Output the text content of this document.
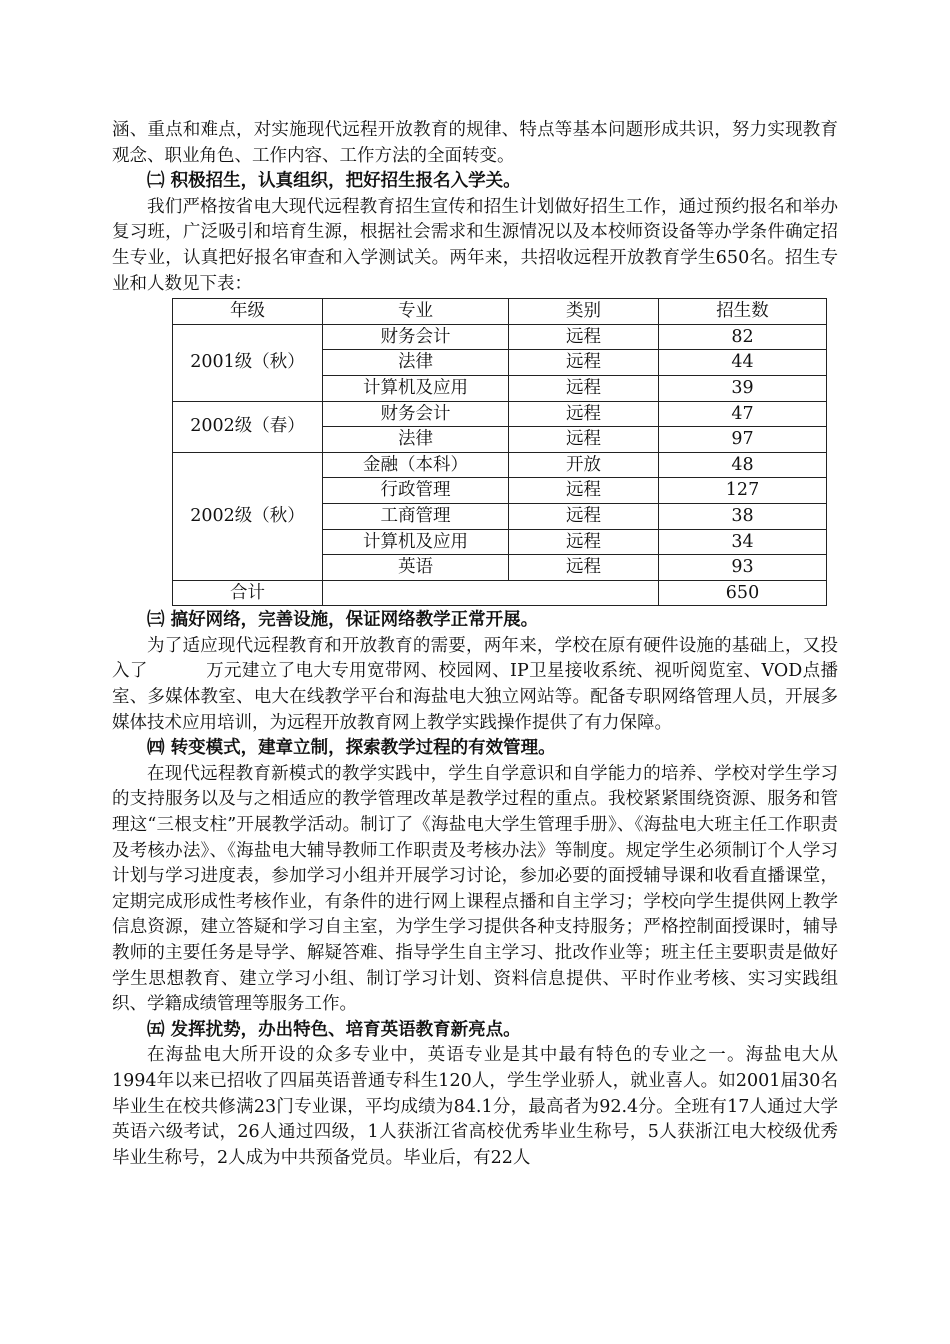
涵、重点和难点，对实施现代远程开放教育的规律、特点等基本问题形成共识，努力实现教育观念、职业角色、工作内容、工作方法的全面转变。

㈡ 积极招生，认真组织，把好招生报名入学关。

我们严格按省电大现代远程教育招生宣传和招生计划做好招生工作，通过预约报名和举办复习班，广泛吸引和培育生源，根据社会需求和生源情况以及本校师资设备等办学条件确定招生专业，认真把好报名审查和入学测试关。两年来，共招收远程开放教育学生650名。招生专业和人数见下表：

年级	专业	类别	招生数
2001级（秋）	财务会计	远程	82
	法律	远程	44
	计算机及应用	远程	39
2002级（春）	财务会计	远程	47
	法律	远程	97
2002级（秋）	金融（本科）	开放	48
	行政管理	远程	127
	工商管理	远程	38
	计算机及应用	远程	34
	英语	远程	93
合计			650

㈢ 搞好网络，完善设施，保证网络教学正常开展。

为了适应现代远程教育和开放教育的需要，两年来，学校在原有硬件设施的基础上，又投入了	万元建立了电大专用宽带网、校园网、IP卫星接收系统、视听阅览室、VOD点播室、多媒体教室、电大在线教学平台和海盐电大独立网站等。配备专职网络管理人员，开展多媒体技术应用培训，为远程开放教育网上教学实践操作提供了有力保障。

㈣ 转变模式，建章立制，探索教学过程的有效管理。

在现代远程教育新模式的教学实践中，学生自学意识和自学能力的培养、学校对学生学习的支持服务以及与之相适应的教学管理改革是教学过程的重点。我校紧紧围绕资源、服务和管理这“三根支柱”开展教学活动。制订了《海盐电大学生管理手册》、《海盐电大班主任工作职责及考核办法》、《海盐电大辅导教师工作职责及考核办法》等制度。规定学生必须制订个人学习计划与学习进度表，参加学习小组并开展学习讨论，参加必要的面授辅导课和收看直播课堂，定期完成形成性考核作业，有条件的进行网上课程点播和自主学习；学校向学生提供网上教学信息资源，建立答疑和学习自主室，为学生学习提供各种支持服务；严格控制面授课时，辅导教师的主要任务是导学、解疑答难、指导学生自主学习、批改作业等；班主任主要职责是做好学生思想教育、建立学习小组、制订学习计划、资料信息提供、平时作业考核、实习实践组织、学籍成绩管理等服务工作。

㈤ 发挥扰势，办出特色、培育英语教育新亮点。

在海盐电大所开设的众多专业中，英语专业是其中最有特色的专业之一。海盐电大从1994年以来已招收了四届英语普通专科生120人，学生学业骄人，就业喜人。如2001届30名毕业生在校共修满23门专业课，平均成绩为84.1分，最高者为92.4分。全班有17人通过大学英语六级考试，26人通过四级，1人获浙江省高校优秀毕业生称号，5人获浙江电大校级优秀毕业生称号，2人成为中共预备党员。毕业后，有22人
